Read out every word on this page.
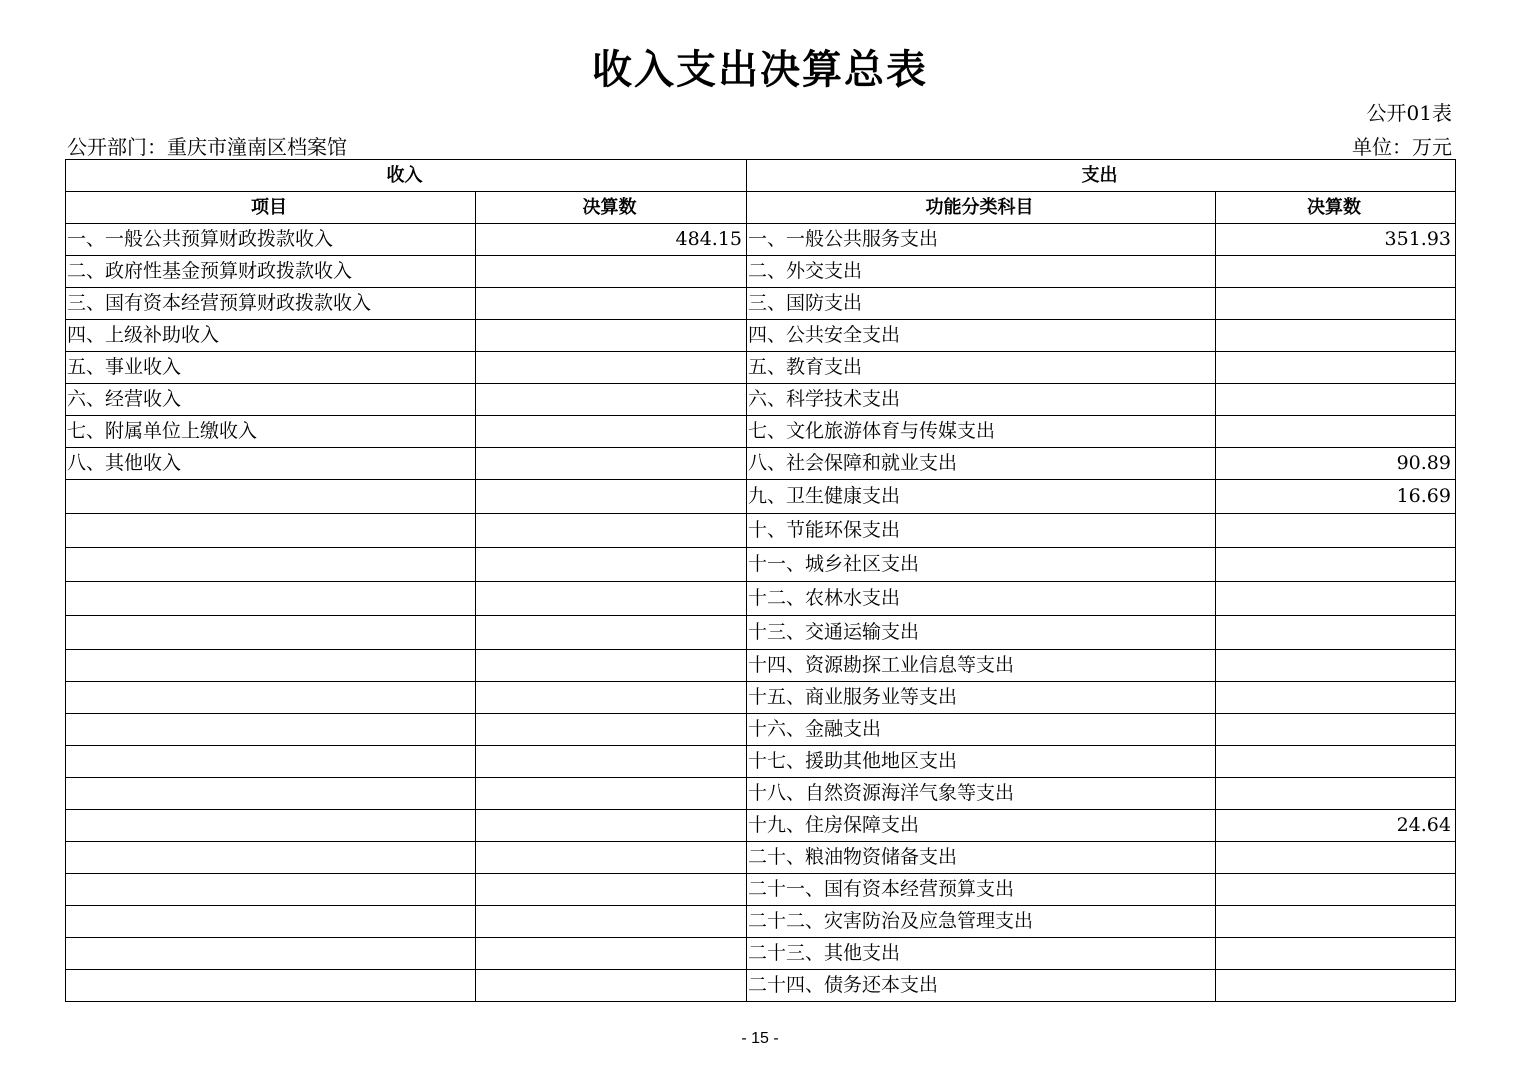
收入支出决算总表
公开01表
公开部门：重庆市潼南区档案馆	单位：万元
收入		支出	
项目	决算数	功能分类科目	决算数
一、一般公共预算财政拨款收入	484.15	一、一般公共服务支出	351.93
二、政府性基金预算财政拨款收入		二、外交支出	
三、国有资本经营预算财政拨款收入		三、国防支出	
四、上级补助收入		四、公共安全支出	
五、事业收入		五、教育支出	
六、经营收入		六、科学技术支出	
七、附属单位上缴收入		七、文化旅游体育与传媒支出	
八、其他收入		八、社会保障和就业支出	90.89
		九、卫生健康支出	16.69
		十、节能环保支出	
		十一、城乡社区支出	
		十二、农林水支出	
		十三、交通运输支出	
		十四、资源勘探工业信息等支出	
		十五、商业服务业等支出	
		十六、金融支出	
		十七、援助其他地区支出	
		十八、自然资源海洋气象等支出	
		十九、住房保障支出	24.64
		二十、粮油物资储备支出	
		二十一、国有资本经营预算支出	
		二十二、灾害防治及应急管理支出	
		二十三、其他支出	
		二十四、债务还本支出	
- 15 -
